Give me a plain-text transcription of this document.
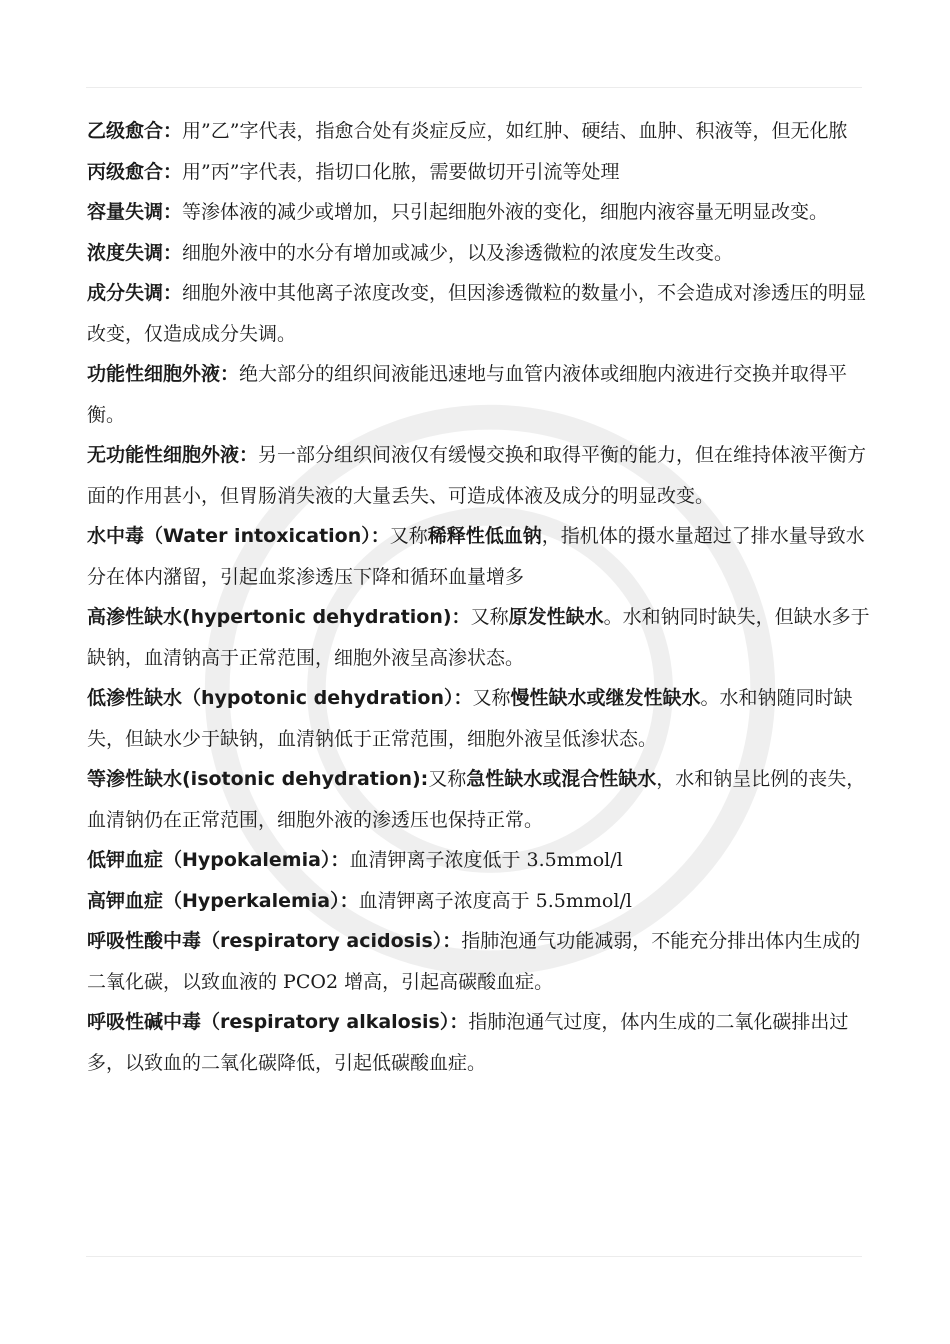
乙级愈合：用”乙”字代表，指愈合处有炎症反应，如红肿、硬结、血肿、积液等，但无化脓

丙级愈合：用”丙”字代表，指切口化脓，需要做切开引流等处理

容量失调：等渗体液的减少或增加，只引起细胞外液的变化，细胞内液容量无明显改变。

浓度失调：细胞外液中的水分有增加或减少，以及渗透微粒的浓度发生改变。

成分失调：细胞外液中其他离子浓度改变，但因渗透微粒的数量小，不会造成对渗透压的明显改变，仅造成成分失调。

功能性细胞外液：绝大部分的组织间液能迅速地与血管内液体或细胞内液进行交换并取得平衡。

无功能性细胞外液：另一部分组织间液仅有缓慢交换和取得平衡的能力，但在维持体液平衡方面的作用甚小，但胃肠消失液的大量丢失、可造成体液及成分的明显改变。

水中毒（Water intoxication）：又称稀释性低血钠，指机体的摄水量超过了排水量导致水分在体内潴留，引起血浆渗透压下降和循环血量增多

高渗性缺水(hypertonic dehydration)：又称原发性缺水。水和钠同时缺失，但缺水多于缺钠，血清钠高于正常范围，细胞外液呈高渗状态。

低渗性缺水（hypotonic dehydration）：又称慢性缺水或继发性缺水。水和钠随同时缺失，但缺水少于缺钠，血清钠低于正常范围，细胞外液呈低渗状态。

等渗性缺水(isotonic dehydration):又称急性缺水或混合性缺水，水和钠呈比例的丧失，血清钠仍在正常范围，细胞外液的渗透压也保持正常。

低钾血症（Hypokalemia）：血清钾离子浓度低于 3.5mmol/l

高钾血症（Hyperkalemia）：血清钾离子浓度高于 5.5mmol/l

呼吸性酸中毒（respiratory acidosis）：指肺泡通气功能减弱，不能充分排出体内生成的二氧化碳，以致血液的 PCO2 增高，引起高碳酸血症。

呼吸性碱中毒（respiratory alkalosis）：指肺泡通气过度，体内生成的二氧化碳排出过多，以致血的二氧化碳降低，引起低碳酸血症。
